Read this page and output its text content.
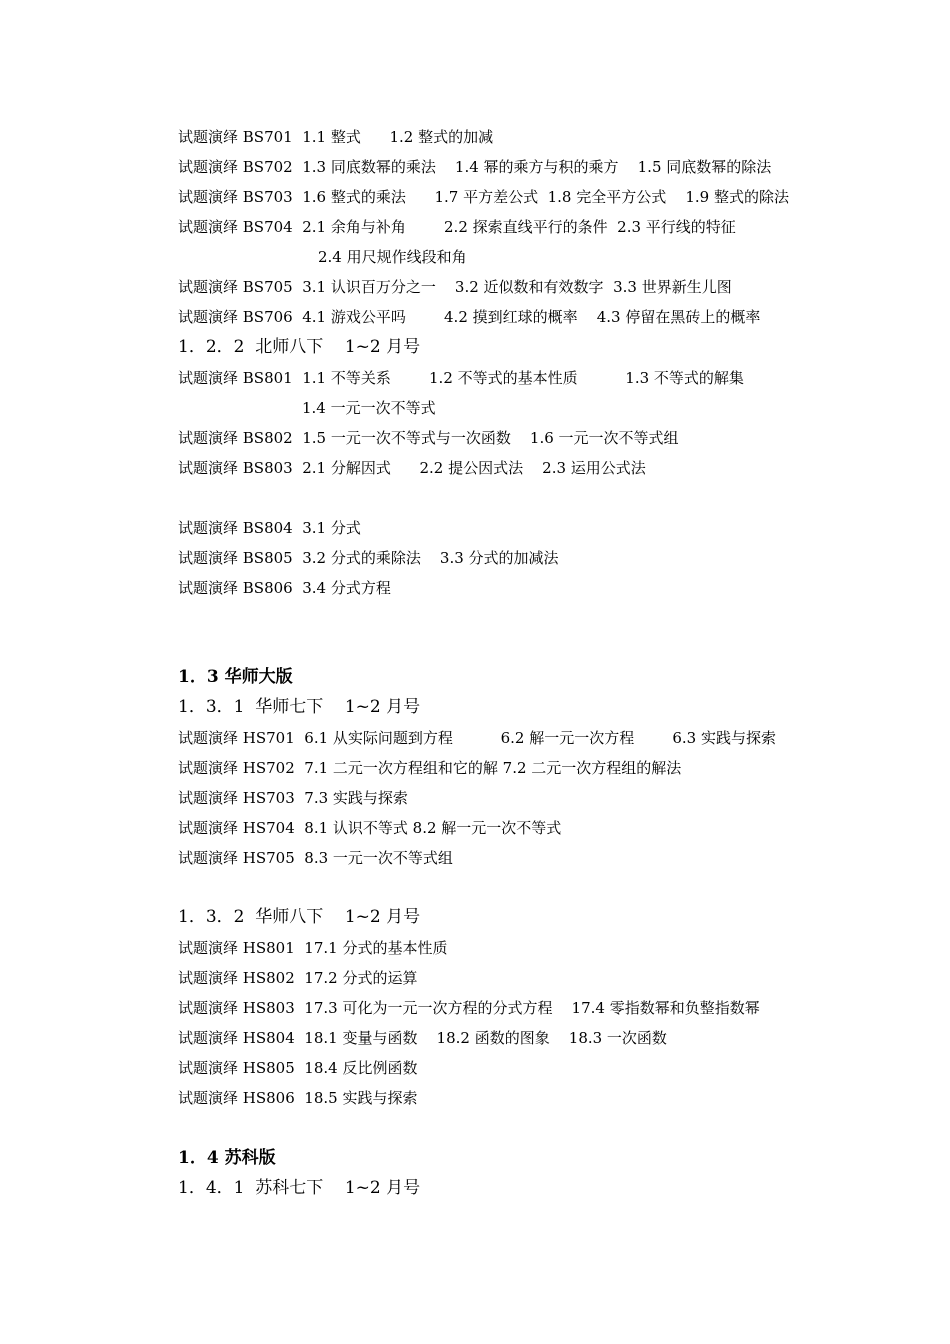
试题演绎 BS701  1.1 整式      1.2 整式的加减
试题演绎 BS702  1.3 同底数幂的乘法    1.4 幂的乘方与积的乘方    1.5 同底数幂的除法
试题演绎 BS703  1.6 整式的乘法      1.7 平方差公式  1.8 完全平方公式    1.9 整式的除法
试题演绎 BS704  2.1 余角与补角        2.2 探索直线平行的条件  2.3 平行线的特征
2.4 用尺规作线段和角
试题演绎 BS705  3.1 认识百万分之一    3.2 近似数和有效数字  3.3 世界新生儿图
试题演绎 BS706  4.1 游戏公平吗        4.2 摸到红球的概率    4.3 停留在黑砖上的概率
1．2．2  北师八下    1~2 月号
试题演绎 BS801  1.1 不等关系        1.2 不等式的基本性质          1.3 不等式的解集
1.4 一元一次不等式
试题演绎 BS802  1.5 一元一次不等式与一次函数    1.6 一元一次不等式组
试题演绎 BS803  2.1 分解因式      2.2 提公因式法    2.3 运用公式法
试题演绎 BS804  3.1 分式
试题演绎 BS805  3.2 分式的乘除法    3.3 分式的加减法
试题演绎 BS806  3.4 分式方程
1．3 华师大版
1．3．1  华师七下    1~2 月号
试题演绎 HS701  6.1 从实际问题到方程          6.2 解一元一次方程        6.3 实践与探索
试题演绎 HS702  7.1 二元一次方程组和它的解 7.2 二元一次方程组的解法
试题演绎 HS703  7.3 实践与探索
试题演绎 HS704  8.1 认识不等式 8.2 解一元一次不等式
试题演绎 HS705  8.3 一元一次不等式组
1．3．2  华师八下    1~2 月号
试题演绎 HS801  17.1 分式的基本性质
试题演绎 HS802  17.2 分式的运算
试题演绎 HS803  17.3 可化为一元一次方程的分式方程    17.4 零指数幂和负整指数幂
试题演绎 HS804  18.1 变量与函数    18.2 函数的图象    18.3 一次函数
试题演绎 HS805  18.4 反比例函数
试题演绎 HS806  18.5 实践与探索
1．4 苏科版
1．4．1  苏科七下    1~2 月号
